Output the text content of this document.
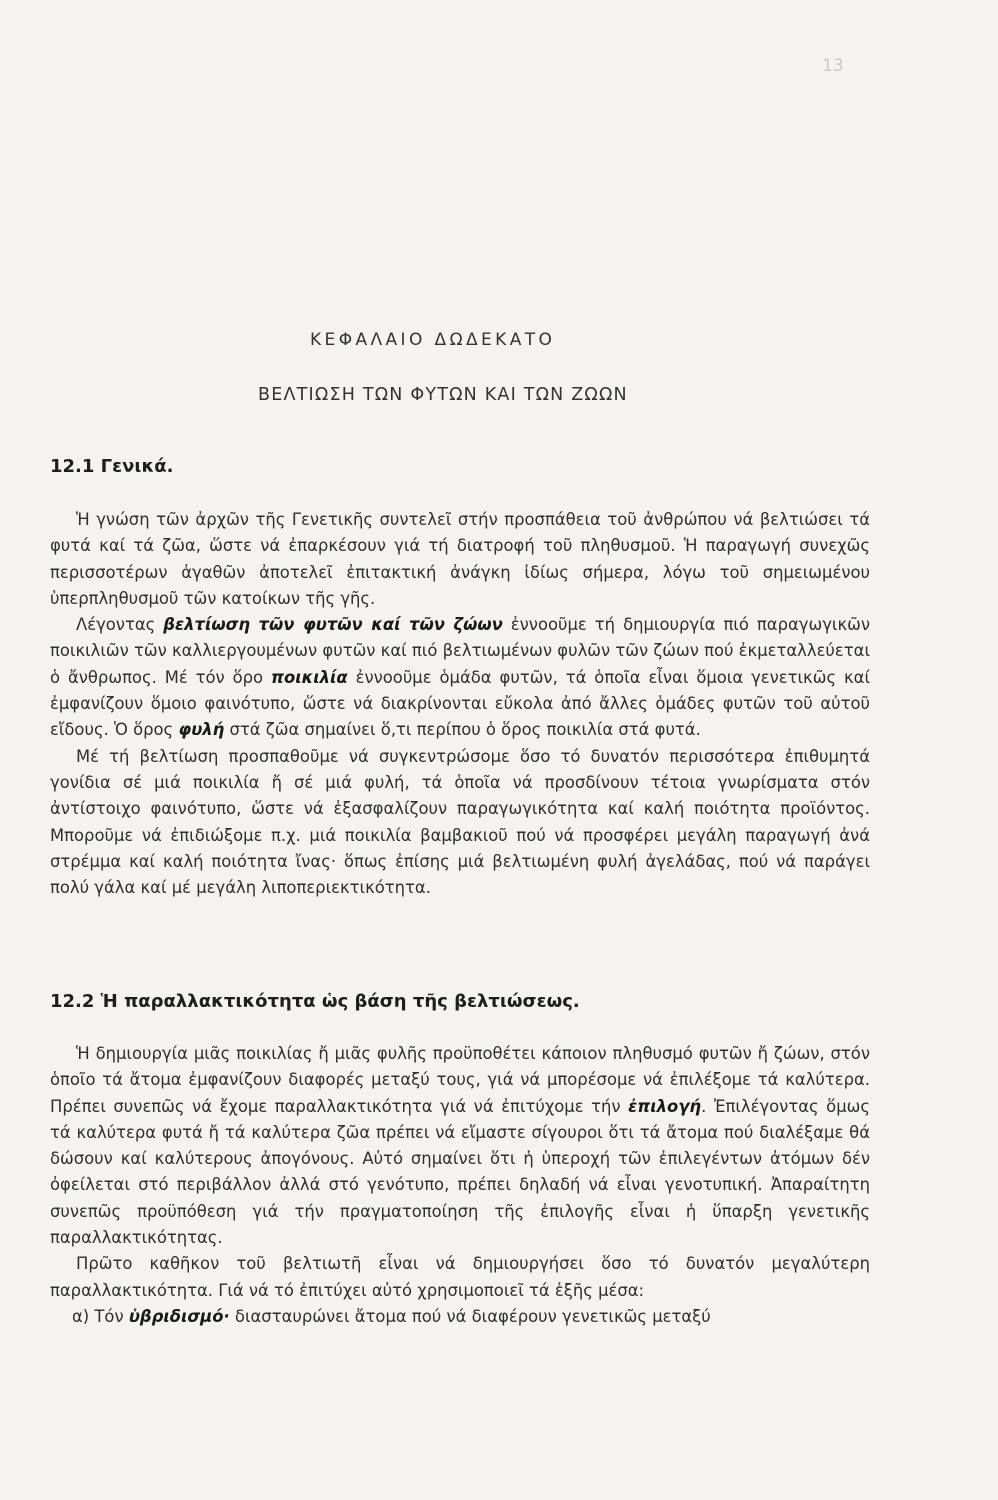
13
ΚΕΦΑΛΑΙΟ ΔΩΔΕΚΑΤΟ
ΒΕΛΤΙΩΣΗ ΤΩΝ ΦΥΤΩΝ ΚΑΙ ΤΩΝ ΖΩΩΝ
12.1 Γενικά.

Ἡ γνώση τῶν ἀρχῶν τῆς Γενετικῆς συντελεῖ στήν προσπάθεια τοῦ ἀνθρώπου νά βελτιώσει τά φυτά καί τά ζῶα, ὥστε νά ἐπαρκέσουν γιά τή διατροφή τοῦ πληθυσμοῦ. Ἡ παραγωγή συνεχῶς περισσοτέρων ἀγαθῶν ἀποτελεῖ ἐπιτακτική ἀνάγκη ἰδίως σήμερα, λόγω τοῦ σημειωμένου ὑπερπληθυσμοῦ τῶν κατοίκων τῆς γῆς.

Λέγοντας βελτίωση τῶν φυτῶν καί τῶν ζώων ἐννοοῦμε τή δημιουργία πιό παραγωγικῶν ποικιλιῶν τῶν καλλιεργουμένων φυτῶν καί πιό βελτιωμένων φυλῶν τῶν ζώων πού ἐκμεταλλεύεται ὁ ἄνθρωπος. Μέ τόν ὅρο ποικιλία ἐννοοῦμε ὁμάδα φυτῶν, τά ὁποῖα εἶναι ὅμοια γενετικῶς καί ἐμφανίζουν ὅμοιο φαινότυπο, ὥστε νά διακρίνονται εὔκολα ἀπό ἄλλες ὁμάδες φυτῶν τοῦ αὐτοῦ εἴδους. Ὁ ὅρος φυλή στά ζῶα σημαίνει ὅ,τι περίπου ὁ ὅρος ποικιλία στά φυτά.

Μέ τή βελτίωση προσπαθοῦμε νά συγκεντρώσομε ὅσο τό δυνατόν περισσότερα ἐπιθυμητά γονίδια σέ μιά ποικιλία ἤ σέ μιά φυλή, τά ὁποῖα νά προσδίνουν τέτοια γνωρίσματα στόν ἀντίστοιχο φαινότυπο, ὥστε νά ἐξασφαλίζουν παραγωγικότητα καί καλή ποιότητα προϊόντος. Μποροῦμε νά ἐπιδιώξομε π.χ. μιά ποικιλία βαμβακιοῦ πού νά προσφέρει μεγάλη παραγωγή ἀνά στρέμμα καί καλή ποιότητα ἴνας· ὅπως ἐπίσης μιά βελτιωμένη φυλή ἀγελάδας, πού νά παράγει πολύ γάλα καί μέ μεγάλη λιποπεριεκτικότητα.

12.2 Ἡ παραλλακτικότητα ὡς βάση τῆς βελτιώσεως.

Ἡ δημιουργία μιᾶς ποικιλίας ἤ μιᾶς φυλῆς προϋποθέτει κάποιον πληθυσμό φυτῶν ἤ ζώων, στόν ὁποῖο τά ἄτομα ἐμφανίζουν διαφορές μεταξύ τους, γιά νά μπορέσομε νά ἐπιλέξομε τά καλύτερα. Πρέπει συνεπῶς νά ἔχομε παραλλακτικότητα γιά νά ἐπιτύχομε τήν ἐπιλογή. Ἐπιλέγοντας ὅμως τά καλύτερα φυτά ἤ τά καλύτερα ζῶα πρέπει νά εἴμαστε σίγουροι ὅτι τά ἄτομα πού διαλέξαμε θά δώσουν καί καλύτερους ἀπογόνους. Αὐτό σημαίνει ὅτι ἡ ὑπεροχή τῶν ἐπιλεγέντων ἀτόμων δέν ὀφείλεται στό περιβάλλον ἀλλά στό γενότυπο, πρέπει δηλαδή νά εἶναι γενοτυπική. Ἀπαραίτητη συνεπῶς προϋπόθεση γιά τήν πραγματοποίηση τῆς ἐπιλογῆς εἶναι ἡ ὕπαρξη γενετικῆς παραλλακτικότητας.

Πρῶτο καθῆκον τοῦ βελτιωτῆ εἶναι νά δημιουργήσει ὅσο τό δυνατόν μεγαλύτερη παραλλακτικότητα. Γιά νά τό ἐπιτύχει αὐτό χρησιμοποιεῖ τά ἑξῆς μέσα:

α) Τόν ὑβριδισμό· διασταυρώνει ἄτομα πού νά διαφέρουν γενετικῶς μεταξύ
